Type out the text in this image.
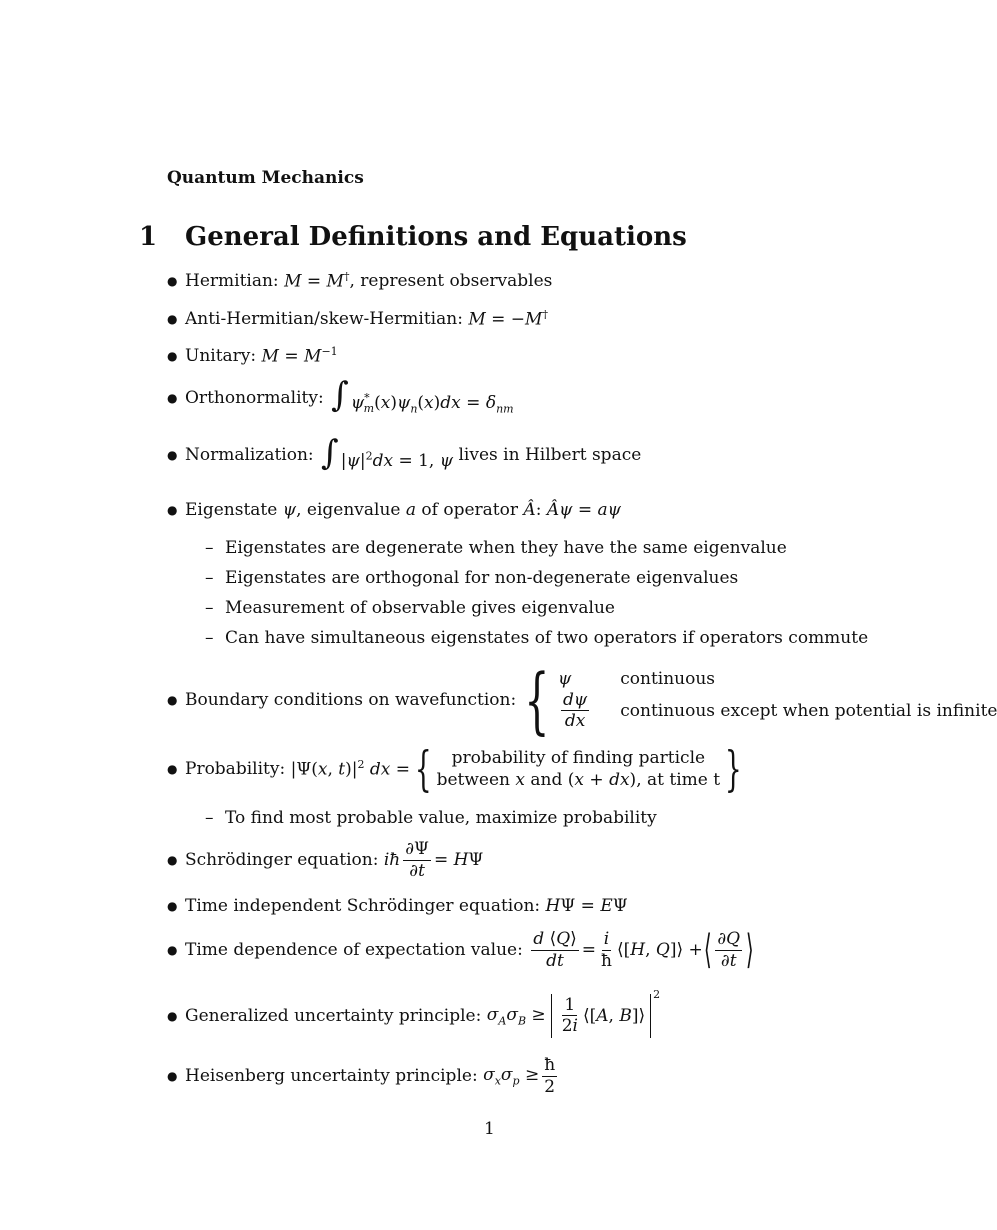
Quantum Mechanics
1 General Definitions and Equations
● Hermitian: M = M† , represent observables
● Anti-Hermitian/skew-Hermitian: M = −M†
● Unitary: $M = M^{-1}$
● Orthonormality: ∫ $\psi^*_m(x)\psi_n(x)dx = \delta_{nm}$
● Normalization: ∫ $|\psi|^2dx = 1$, ψ lives in Hilbert space
● Eigenstate ψ , eigenvalue a of operator Â: Âψ = aψ
– Eigenstates are degenerate when they have the same eigenvalue
– Eigenstates are orthogonal for non-degenerate eigenvalues
– Measurement of observable gives eigenvalue
– Can have simultaneous eigenstates of two operators if operators commute
● Boundary conditions on wavefunction: { ψ	continuous
$\frac{d\psi}{dx}$ continuous except when potential is infinite
● Probability: |Ψ(x, $t)|^2$ dx = { probability of finding particle
between x and (x + dx), at time t }
– To find most probable value, maximize probability
● Schrödinger equation: iħ $\frac{\partial\Psi}{\partial t} = H\Psi$
● Time independent Schrödinger equation: HΨ = EΨ
● Time dependence of expectation value:
$\frac{d ⟨Q⟩}{dt} = \frac{i}{ħ}$ ⟨[H, Q]⟩ + ⟨ $\frac{\partial Q}{\partial t}$ ⟩
● Generalized uncertainty principle: $\sigma_A\sigma_B \ge \frac{1}{2i}$ ⟨[A, B]⟩
$^2$
● Heisenberg uncertainty principle: $\sigma_x\sigma_p \ge \frac{ħ}{2}$
1
